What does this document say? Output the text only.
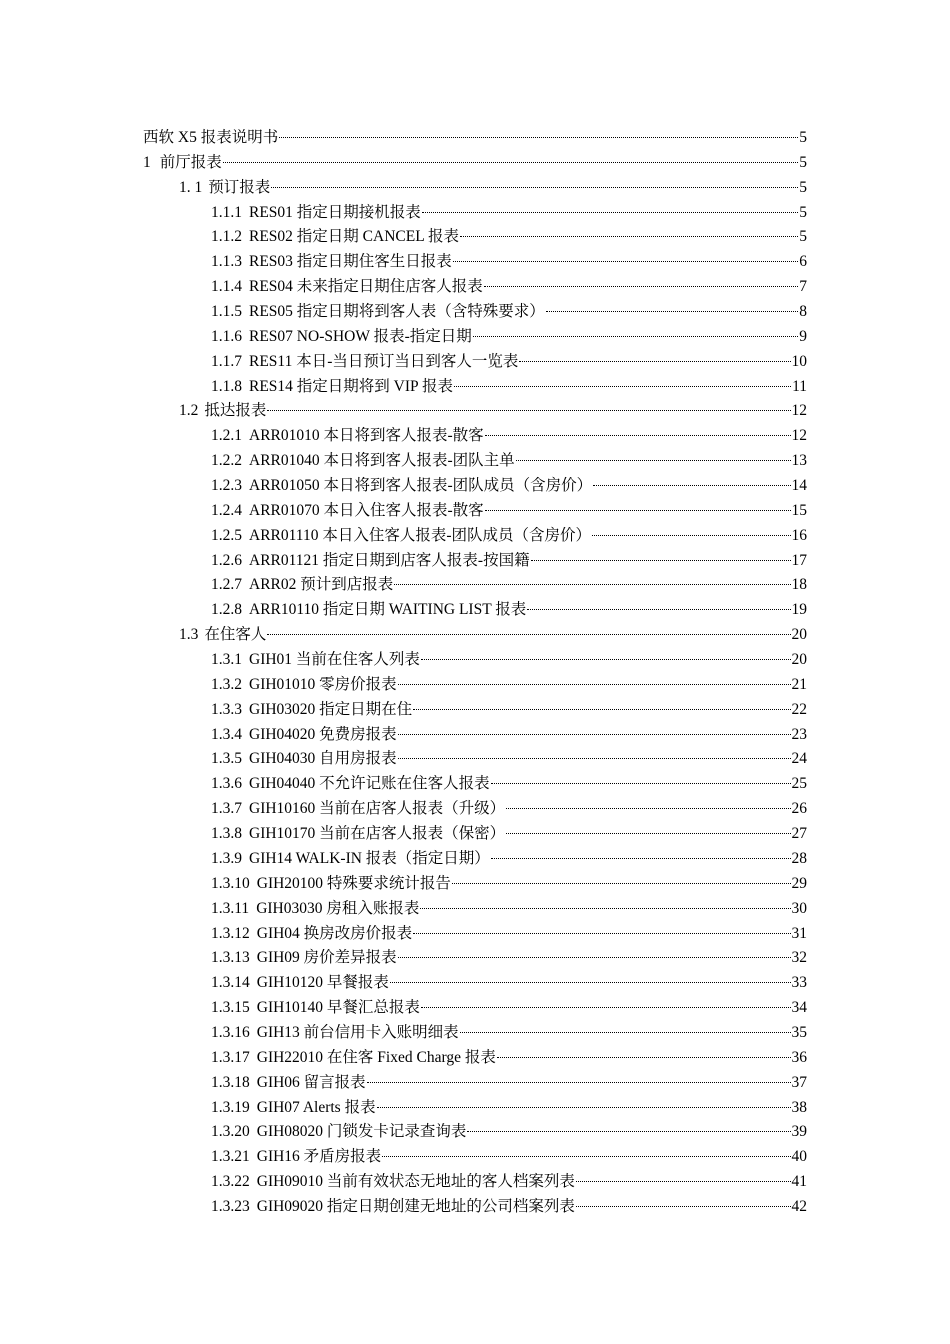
西软 X5 报表说明书	5
1 前厅报表	5
1. 1 预订报表	5
1.1.1 RES01 指定日期接机报表	5
1.1.2 RES02 指定日期 CANCEL 报表	5
1.1.3 RES03 指定日期住客生日报表	6
1.1.4 RES04 未来指定日期住店客人报表	7
1.1.5 RES05 指定日期将到客人表（含特殊要求）	8
1.1.6 RES07 NO-SHOW 报表-指定日期	9
1.1.7 RES11 本日-当日预订当日到客人一览表	10
1.1.8 RES14 指定日期将到 VIP 报表	11
1.2 抵达报表	12
1.2.1 ARR01010 本日将到客人报表-散客	12
1.2.2 ARR01040 本日将到客人报表-团队主单	13
1.2.3 ARR01050 本日将到客人报表-团队成员（含房价）	14
1.2.4 ARR01070 本日入住客人报表-散客	15
1.2.5 ARR01110 本日入住客人报表-团队成员（含房价）	16
1.2.6 ARR01121 指定日期到店客人报表-按国籍	17
1.2.7 ARR02 预计到店报表	18
1.2.8 ARR10110 指定日期 WAITING LIST 报表	19
1.3 在住客人	20
1.3.1 GIH01 当前在住客人列表	20
1.3.2 GIH01010 零房价报表	21
1.3.3 GIH03020 指定日期在住	22
1.3.4 GIH04020 免费房报表	23
1.3.5 GIH04030 自用房报表	24
1.3.6 GIH04040 不允许记账在住客人报表	25
1.3.7 GIH10160 当前在店客人报表（升级）	26
1.3.8 GIH10170 当前在店客人报表（保密）	27
1.3.9 GIH14 WALK-IN 报表（指定日期）	28
1.3.10 GIH20100 特殊要求统计报告	29
1.3.11 GIH03030 房租入账报表	30
1.3.12 GIH04 换房改房价报表	31
1.3.13 GIH09 房价差异报表	32
1.3.14 GIH10120 早餐报表	33
1.3.15 GIH10140 早餐汇总报表	34
1.3.16 GIH13 前台信用卡入账明细表	35
1.3.17 GIH22010 在住客 Fixed Charge 报表	36
1.3.18 GIH06 留言报表	37
1.3.19 GIH07 Alerts 报表	38
1.3.20 GIH08020 门锁发卡记录查询表	39
1.3.21 GIH16 矛盾房报表	40
1.3.22 GIH09010 当前有效状态无地址的客人档案列表	41
1.3.23 GIH09020 指定日期创建无地址的公司档案列表	42
